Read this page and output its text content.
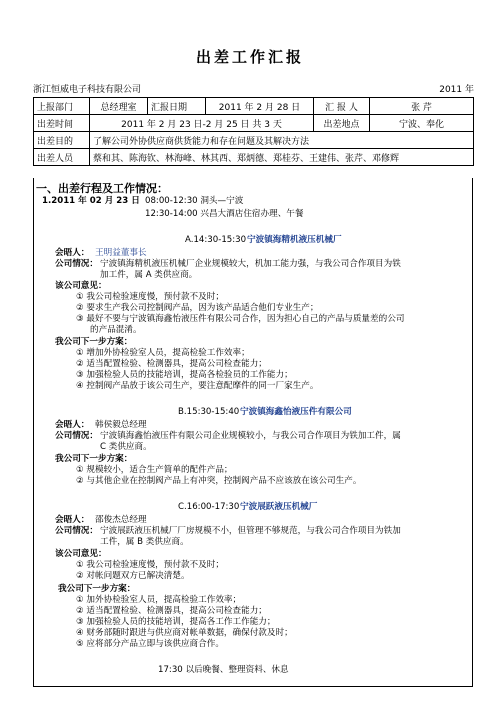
出差工作汇报
浙江恒威电子科技有限公司	2011 年
上报部门	总经理室	汇报日期	2011 年 2 月 28 日	汇 报 人	张 芹
出差时间	2011 年 2 月 23 日-2 月 25 日 共 3 天			出差地点	宁波、奉化
出差目的	了解公司外协供应商供货能力和存在问题及其解决方法				
出差人员	蔡和其、陈海钦、林海峰、林其西、郑炳德、郑桂芬、王建伟、张芹、邓修辉				
一、出差行程及工作情况：
1.2011 年 02 月 23 日 08:00-12:30 洞头—宁波
12:30-14:00 兴昌大酒店住宿办理、午餐
A.14:30-15:30 宁波镇海精机液压机械厂
会晤人： 王明益董事长
公司情况： 宁波镇海精机液压机械厂企业规模较大，机加工能力强，与我公司合作项目为铁
加工件，属 A 类供应商。
该公司意见：
① 我公司检验速度慢，预付款不及时；
② 要求生产我公司控制阀产品，因为该产品适合他们专业生产；
③ 最好不要与宁波镇海鑫怡液压件有限公司合作，因为担心自己的产品与质量差的公司
的产品混淆。
我公司下一步方案：
① 增加外协检验室人员，提高检验工作效率；
② 适当配置检验、检测器具，提高公司检查能力；
③ 加强检验人员的技能培训，提高各检验员的工作能力；
④ 控制阀产品放于该公司生产，要注意配摩件的同一厂家生产。
B.15:30-15:40 宁波镇海鑫怡液压件有限公司
会晤人： 韩侯毅总经理
公司情况： 宁波镇海鑫怡液压件有限公司企业规模较小，与我公司合作项目为铁加工件，属
C 类供应商。
我公司下一步方案：
① 规模较小，适合生产简单的配件产品；
② 与其他企业在控制阀产品上有冲突，控制阀产品不应该放在该公司生产。
C.16:00-17:30 宁波展跃液压机械厂
会晤人： 邵俊杰总经理
公司情况： 宁波展跃液压机械厂厂房规模不小，但管理不够规范，与我公司合作项目为铁加
工件，属 B 类供应商。
该公司意见：
① 我公司检验速度慢，预付款不及时；
② 对帐问题双方已解决清楚。
我公司下一步方案：
① 加外协检验室人员，提高检验工作效率；
② 适当配置检验、检测器具，提高公司检查能力；
③ 加强检验人员的技能培训，提高各工作工作能力；
④ 财务部随时跟进与供应商对帐单数据，确保付款及时；
⑤ 应将部分产品立即与该供应商合作。
17:30 以后晚餐、整理资料、休息
